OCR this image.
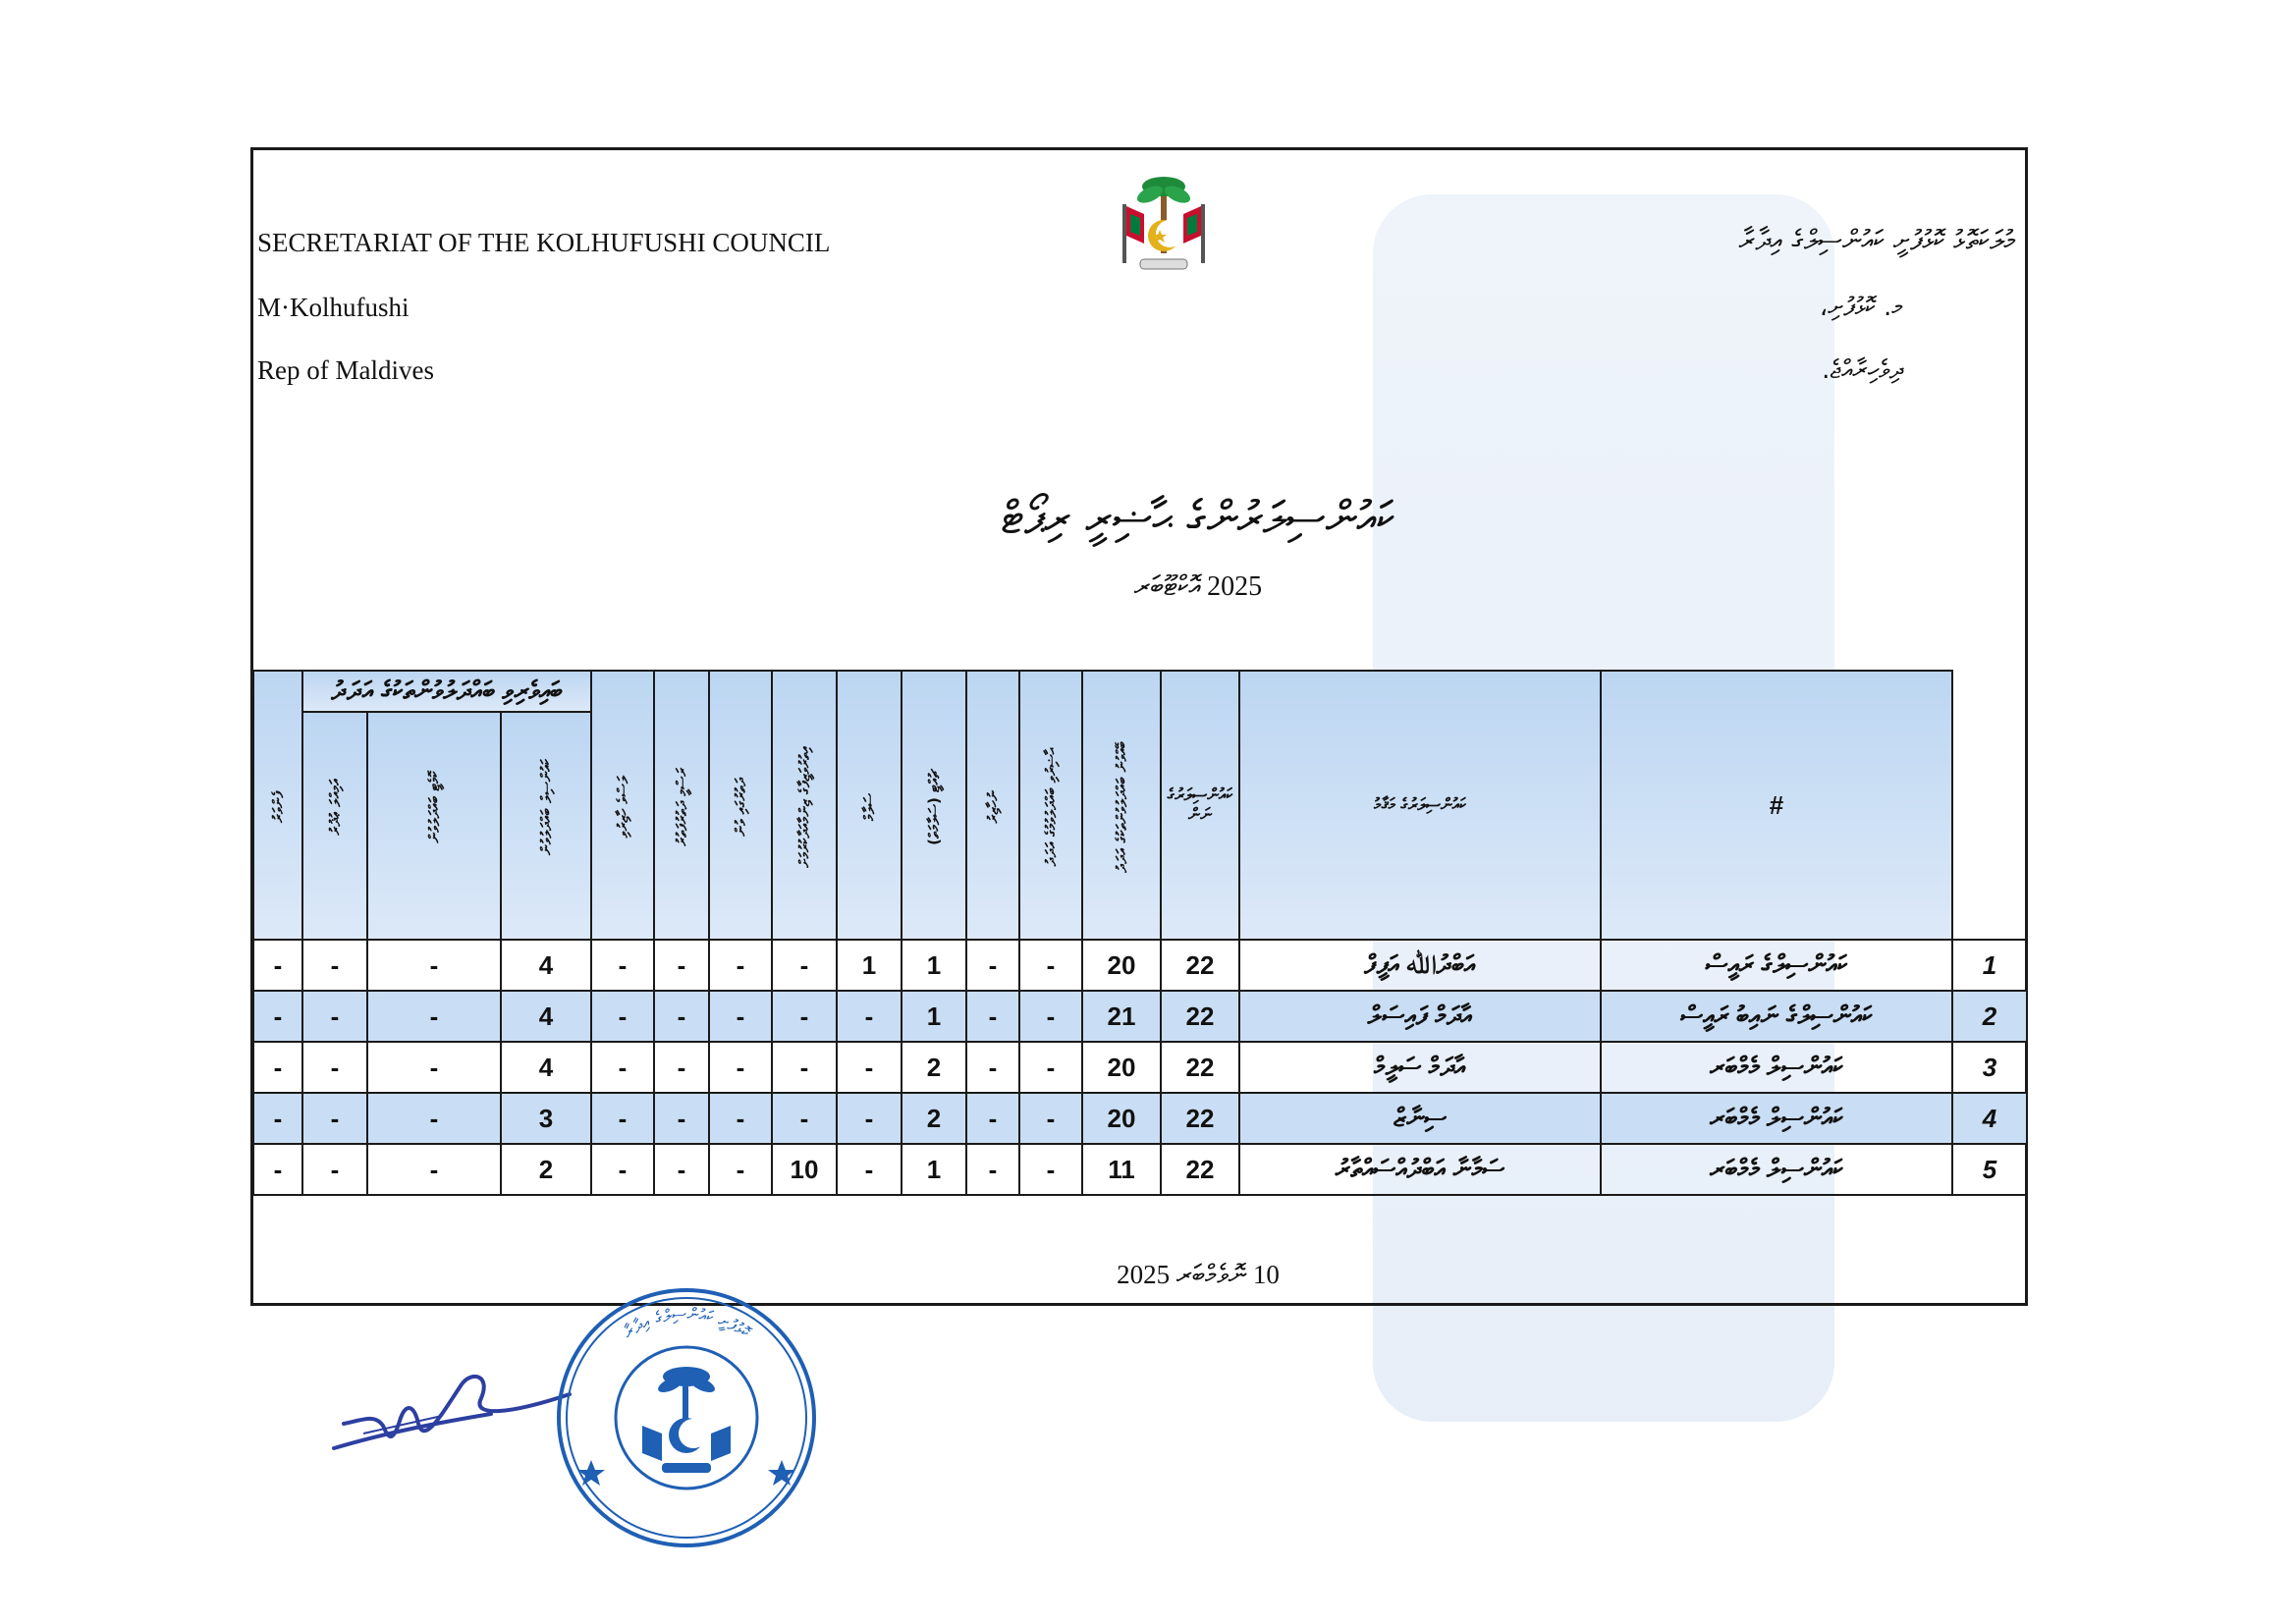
SECRETARIAT OF THE KOLHUFUSHI COUNCIL
M·Kolhufushi
Rep of Maldives
މުލަކަތޮޅު ކޮޅުފުށީ ކައުންސިލްގެ އިދާރާ
މ. ކޮޅުފުށި،
ދިވެހިރާއްޖެ.
ކައުންސިލަރުންގެ ޙާޟިރީ ރިޕޯޓް
2025 އޮކްޓޫބަރ
ފެންވަރު	ބައިވެރިވި ބައްދަލުވުންތަކުގެ އަދަދު			ލަސްވެ ހާޒިރުވި	ރަސްމީ ދަތުރުފަތުރު	ދަތުރުގައި ވުން	އިތުރުވަޒީފާގެ ޒިންމާއަދާކުރުމަށް	ސަލާމް	ޗުއްޓީ (ސަލާމަތް)	ނުހާޒިރު	ޙާޟިރުވި ބައްދަލުވުމުގެ އަދަދު	ބޭއްވުނު ބައްދަލުވުންތަކުގެ އަދަދު	ކައުންސިލަރުގެ ނަން	ކައުންސިލަރުގެ މަޤާމު	#	

	އަމިއްލަ ޢުޛުރު	ކޮމެޓީ ބައްދަލުވުން	ކައުންސިލް ބައްދަލުވުން													

-	-	-	4	-	-	-	-	1	1	-	-	20	22	އަބްދުﷲ އަފީފް	ކައުންސިލްގެ ރައީސް	1
-	-	-	4	-	-	-	-	-	1	-	-	21	22	އާދަމް ފައިސަލް	ކައުންސިލްގެ ނައިބު ރައީސް	2
-	-	-	4	-	-	-	-	-	2	-	-	20	22	އާދަމް ސަލީމް	ކައުންސިލް މެމްބަރ	3
-	-	-	3	-	-	-	-	-	2	-	-	20	22	ސިނާޒް	ކައުންސިލް މެމްބަރ	4
-	-	-	2	-	-	-	10	-	1	-	-	11	22	ސަމާނާ އަބްދުއްސައްތާރު	ކައުންސިލް މެމްބަރ	5
10 ނޮވެމްބަރ 2025
ކޮޅުފުށީ ކައުންސިލްގެ އިދާރާ
